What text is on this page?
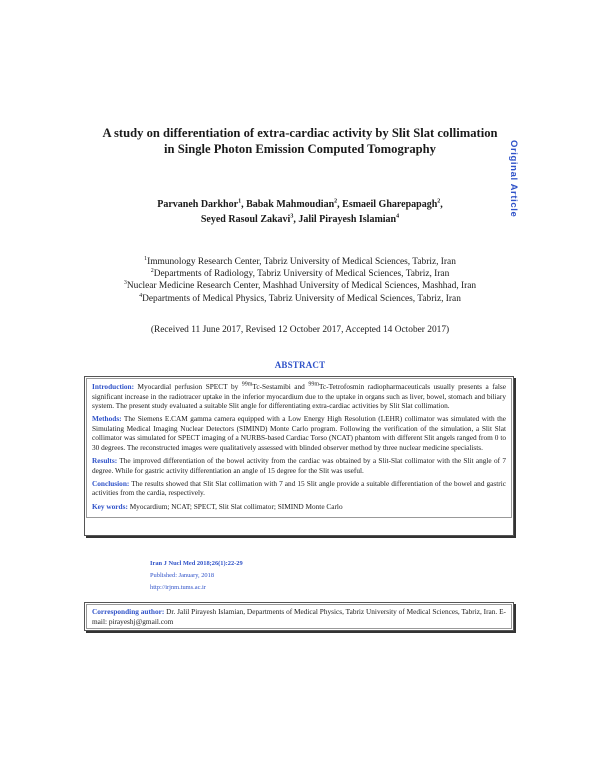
A study on differentiation of extra-cardiac activity by Slit Slat collimation in Single Photon Emission Computed Tomography	Original Article
Parvaneh Darkhor$^1$, Babak Mahmoudian$^2$, Esmaeil Gharepapagh$^2$,
Seyed Rasoul Zakavi$^3$, Jalil Pirayesh Islamian$^4$
$^1$Immunology Research Center, Tabriz University of Medical Sciences, Tabriz, Iran
$^2$Departments of Radiology, Tabriz University of Medical Sciences, Tabriz, Iran
$^3$Nuclear Medicine Research Center, Mashhad University of Medical Sciences, Mashhad, Iran
$^4$Departments of Medical Physics, Tabriz University of Medical Sciences, Tabriz, Iran
(Received 11 June 2017, Revised 12 October 2017, Accepted 14 October 2017)
ABSTRACT

Introduction: Myocardial perfusion SPECT by $^{99m}$Tc-Sestamibi and $^{99m}$Tc-Tetrofosmin radiopharmaceuticals usually presents a false significant increase in the radiotracer uptake in the inferior myocardium due to the uptake in organs such as liver, bowel, stomach and biliary system. The present study evaluated a suitable Slit angle for differentiating extra-cardiac activities by Slit Slat collimation.

Methods: The Siemens E.CAM gamma camera equipped with a Low Energy High Resolution (LEHR) collimator was simulated with the Simulating Medical Imaging Nuclear Detectors (SIMIND) Monte Carlo program. Following the verification of the simulation, a Slit Slat collimator was simulated for SPECT imaging of a NURBS-based Cardiac Torso (NCAT) phantom with different Slit angels ranged from 0 to 30 degrees. The reconstructed images were qualitatively assessed with blinded observer method by three nuclear medicine specialists.

Results: The improved differentiation of the bowel activity from the cardiac was obtained by a Slit-Slat collimator with the Slit angle of 7 degree. While for gastric activity differentiation an angle of 15 degree for the Slit was useful.

Conclusion: The results showed that Slit Slat collimation with 7 and 15 Slit angle provide a suitable differentiation of the bowel and gastric activities from the cardia, respectively.

Key words: Myocardium; NCAT; SPECT, Slit Slat collimator; SIMIND Monte Carlo

Iran J Nucl Med 2018;26(1):22-29
Published: January, 2018
http://irjnm.tums.ac.ir

Corresponding author: Dr. Jalil Pirayesh Islamian, Departments of Medical Physics, Tabriz University of Medical Sciences, Tabriz, Iran. E-mail: pirayeshj@gmail.com
